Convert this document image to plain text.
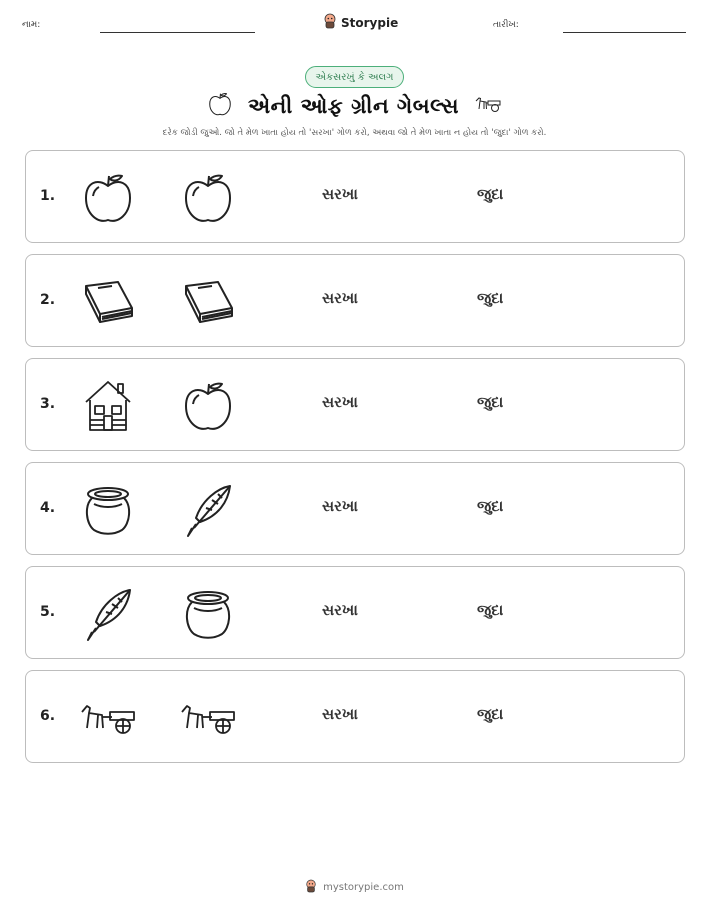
નામ:	Storypie	તારીખ:
એકસરખું કે અલગ
એની ઓફ ગ્રીન ગેબલ્સ
દરેક જોડી જુઓ. જો તે મેળ ખાતા હોય તો 'સરખા' ગોળ કરો, અથવા જો તે મેળ ખાતા ન હોય તો 'જુદા' ગોળ કરો.
1.	સરખા	જુદા
2.	સરખા	જુદા
3.	સરખા	જુદા
4.	સરખા	જુદા
5.	સરખા	જુદા
6.	સરખા	જુદા
mystorypie.com
